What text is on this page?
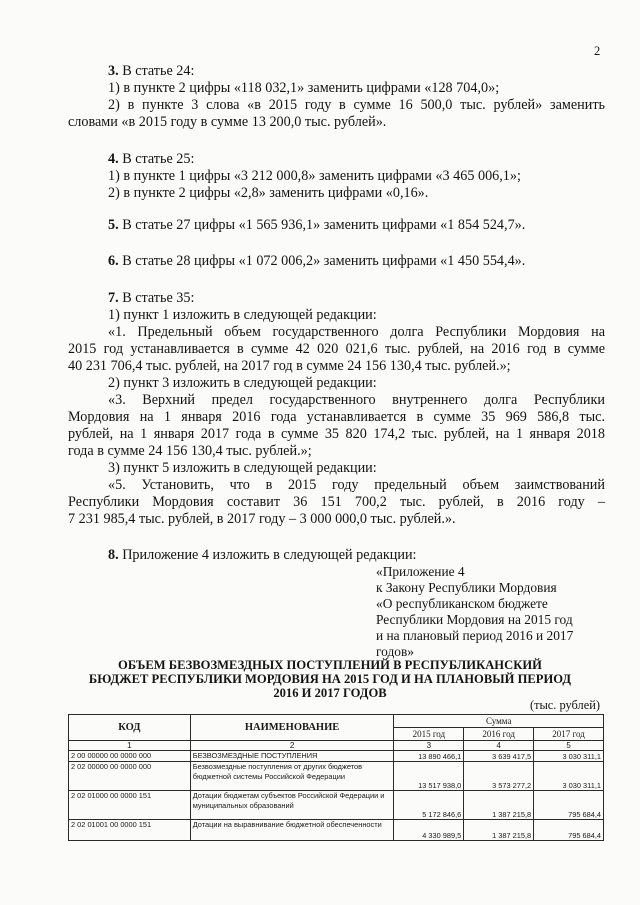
2
3. В статье 24:
1) в пункте 2 цифры «118 032,1» заменить цифрами «128 704,0»;
2) в пункте 3 слова «в 2015 году в сумме 16 500,0 тыс. рублей» заменить
словами «в 2015 году в сумме 13 200,0 тыс. рублей».
4. В статье 25:
1) в пункте 1 цифры «3 212 000,8» заменить цифрами «3 465 006,1»;
2) в пункте 2 цифры «2,8» заменить цифрами «0,16».
5. В статье 27 цифры «1 565 936,1» заменить цифрами «1 854 524,7».
6. В статье 28 цифры «1 072 006,2» заменить цифрами «1 450 554,4».
7. В статье 35:
1) пункт 1 изложить в следующей редакции:
«1. Предельный объем государственного долга Республики Мордовия на
2015 год устанавливается в сумме 42 020 021,6 тыс. рублей, на 2016 год в сумме
40 231 706,4 тыс. рублей, на 2017 год в сумме 24 156 130,4 тыс. рублей.»;
2) пункт 3 изложить в следующей редакции:
«3. Верхний предел государственного внутреннего долга Республики
Мордовия на 1 января 2016 года устанавливается в сумме 35 969 586,8 тыс.
рублей, на 1 января 2017 года в сумме 35 820 174,2 тыс. рублей, на 1 января 2018
года в сумме 24 156 130,4 тыс. рублей.»;
3) пункт 5 изложить в следующей редакции:
«5. Установить, что в 2015 году предельный объем заимствований
Республики Мордовия составит 36 151 700,2 тыс. рублей, в 2016 году –
7 231 985,4 тыс. рублей, в 2017 году – 3 000 000,0 тыс. рублей.».
8. Приложение 4 изложить в следующей редакции:
«Приложение 4
к Закону Республики Мордовия
«О республиканском бюджете
Республики Мордовия на 2015 год
и на плановый период 2016 и 2017
годов»
ОБЪЕМ БЕЗВОЗМЕЗДНЫХ ПОСТУПЛЕНИЙ В РЕСПУБЛИКАНСКИЙ
БЮДЖЕТ РЕСПУБЛИКИ МОРДОВИЯ НА 2015 ГОД И НА ПЛАНОВЫЙ ПЕРИОД
2016 И 2017 ГОДОВ
(тыс. рублей)
КОД	НАИМЕНОВАНИЕ	Сумма		
		2015 год	2016 год	2017 год
1	2	3	4	5
2 00 00000 00 0000 000	БЕЗВОЗМЕЗДНЫЕ ПОСТУПЛЕНИЯ	13 890 466,1	3 639 417,5	3 030 311,1
2 02 00000 00 0000 000	Безвозмездные поступления от других бюджетов бюджетной системы Российской Федерации	13 517 938,0	3 573 277,2	3 030 311,1
2 02 01000 00 0000 151	Дотации бюджетам субъектов Российской Федерации и муниципальных образований	5 172 846,6	1 387 215,8	795 684,4
2 02 01001 00 0000 151	Дотации на выравнивание бюджетной обеспеченности	4 330 989,5	1 387 215,8	795 684,4
